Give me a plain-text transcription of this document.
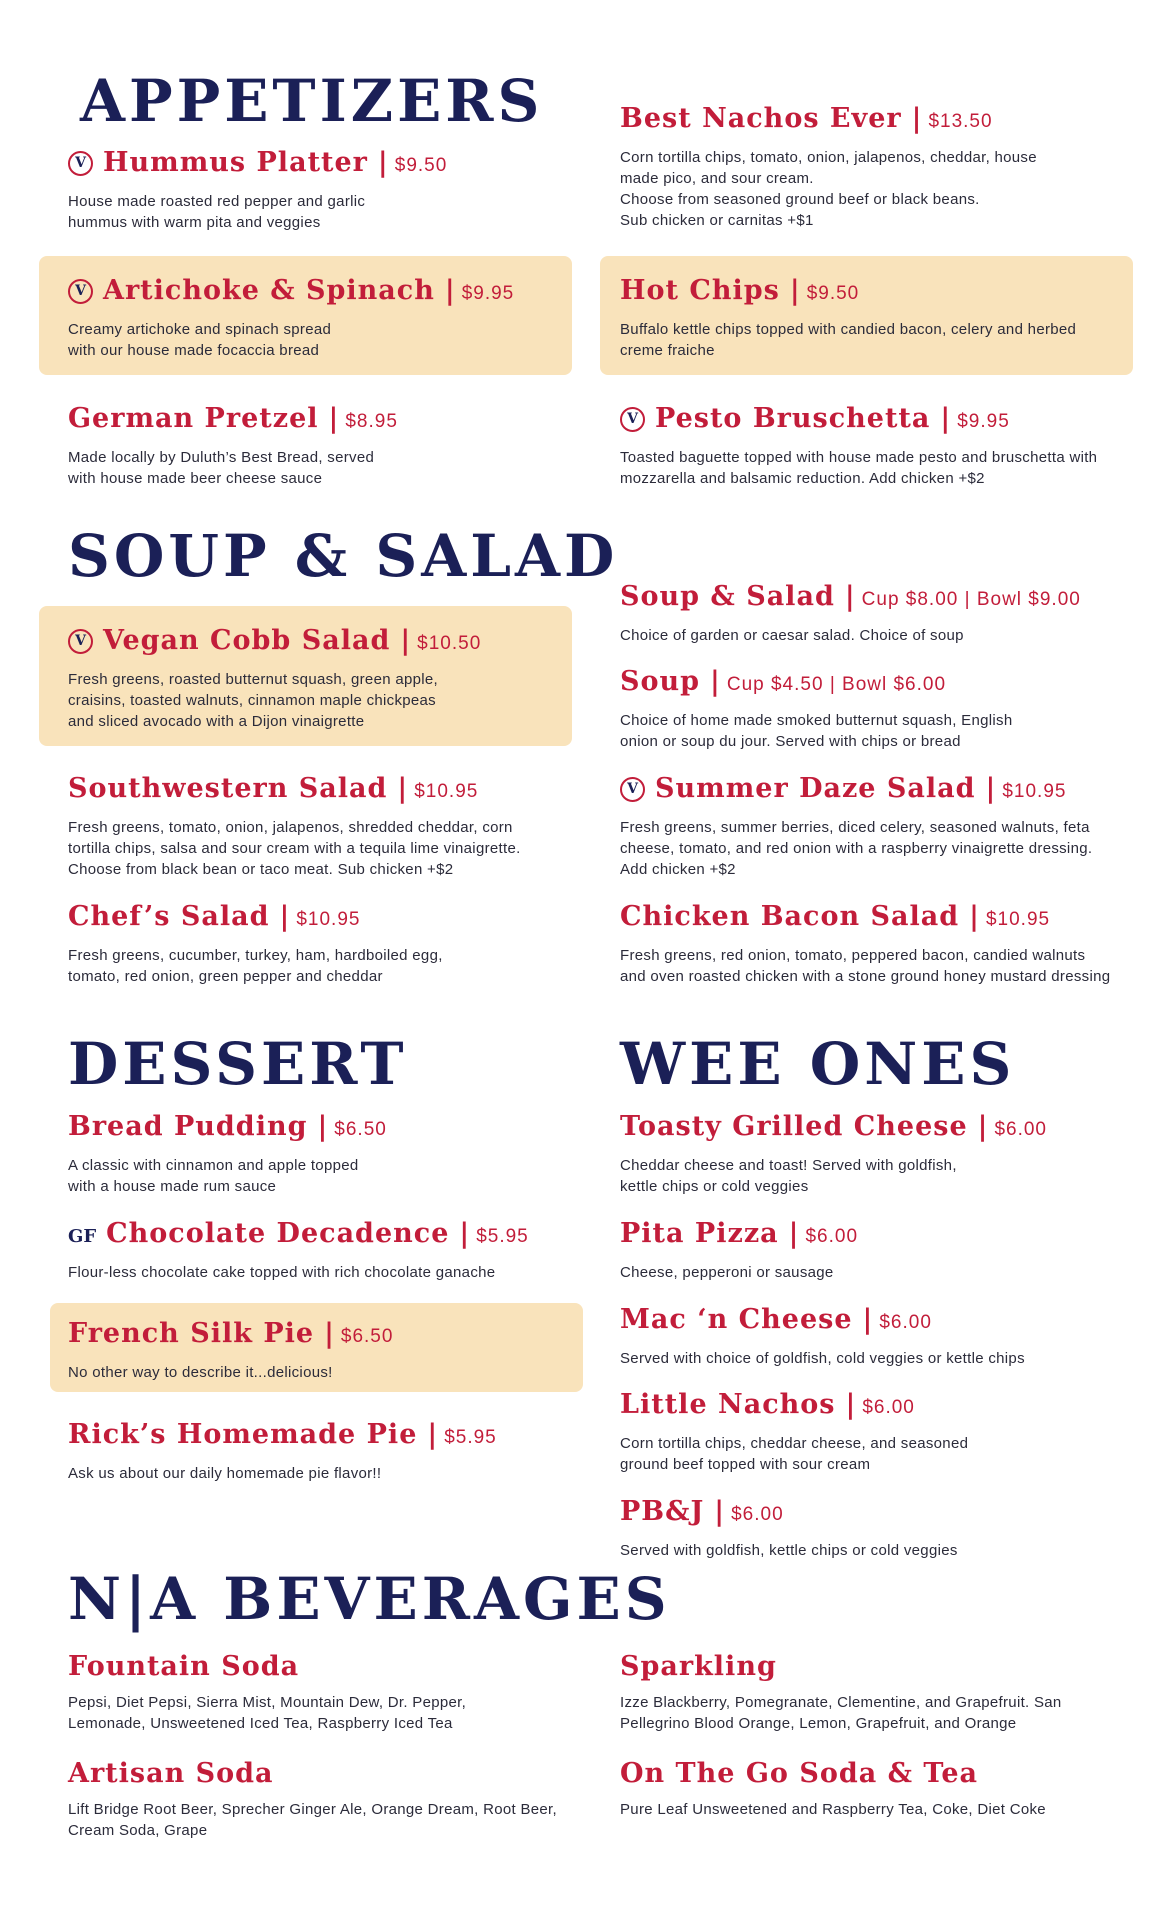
APPETIZERS
SOUP & SALAD
DESSERT	WEE ONES
N|A BEVERAGES
V Hummus Platter | $9.50
House made roasted red pepper and garlic
hummus with warm pita and veggies
V Artichoke & Spinach | $9.95
Creamy artichoke and spinach spread
with our house made focaccia bread
German Pretzel | $8.95
Made locally by Duluth’s Best Bread, served
with house made beer cheese sauce
Best Nachos Ever | $13.50
Corn tortilla chips, tomato, onion, jalapenos, cheddar, house
made pico, and sour cream.
Choose from seasoned ground beef or black beans.
Sub chicken or carnitas +$1
Hot Chips | $9.50
Buffalo kettle chips topped with candied bacon, celery and herbed
creme fraiche
V Pesto Bruschetta | $9.95
Toasted baguette topped with house made pesto and bruschetta with
mozzarella and balsamic reduction. Add chicken +$2
V Vegan Cobb Salad | $10.50
Fresh greens, roasted butternut squash, green apple,
craisins, toasted walnuts, cinnamon maple chickpeas
and sliced avocado with a Dijon vinaigrette
Southwestern Salad | $10.95
Fresh greens, tomato, onion, jalapenos, shredded cheddar, corn
tortilla chips, salsa and sour cream with a tequila lime vinaigrette.
Choose from black bean or taco meat. Sub chicken +$2
Chef’s Salad | $10.95
Fresh greens, cucumber, turkey, ham, hardboiled egg,
tomato, red onion, green pepper and cheddar
Soup & Salad | Cup $8.00 | Bowl $9.00
Choice of garden or caesar salad. Choice of soup
Soup | Cup $4.50 | Bowl $6.00
Choice of home made smoked butternut squash, English
onion or soup du jour. Served with chips or bread
V Summer Daze Salad | $10.95
Fresh greens, summer berries, diced celery, seasoned walnuts, feta
cheese, tomato, and red onion with a raspberry vinaigrette dressing.
Add chicken +$2
Chicken Bacon Salad | $10.95
Fresh greens, red onion, tomato, peppered bacon, candied walnuts
and oven roasted chicken with a stone ground honey mustard dressing
Bread Pudding | $6.50
A classic with cinnamon and apple topped
with a house made rum sauce
GF Chocolate Decadence | $5.95
Flour-less chocolate cake topped with rich chocolate ganache
French Silk Pie | $6.50
No other way to describe it...delicious!
Rick’s Homemade Pie | $5.95
Ask us about our daily homemade pie flavor!!
Toasty Grilled Cheese | $6.00
Cheddar cheese and toast! Served with goldfish,
kettle chips or cold veggies
Pita Pizza | $6.00
Cheese, pepperoni or sausage
Mac ‘n Cheese | $6.00
Served with choice of goldfish, cold veggies or kettle chips
Little Nachos | $6.00
Corn tortilla chips, cheddar cheese, and seasoned
ground beef topped with sour cream
PB&J | $6.00
Served with goldfish, kettle chips or cold veggies
Fountain Soda
Pepsi, Diet Pepsi, Sierra Mist, Mountain Dew, Dr. Pepper,
Lemonade, Unsweetened Iced Tea, Raspberry Iced Tea
Artisan Soda
Lift Bridge Root Beer, Sprecher Ginger Ale, Orange Dream, Root Beer,
Cream Soda, Grape
Sparkling
Izze Blackberry, Pomegranate, Clementine, and Grapefruit. San
Pellegrino Blood Orange, Lemon, Grapefruit, and Orange
On The Go Soda & Tea
Pure Leaf Unsweetened and Raspberry Tea, Coke, Diet Coke
